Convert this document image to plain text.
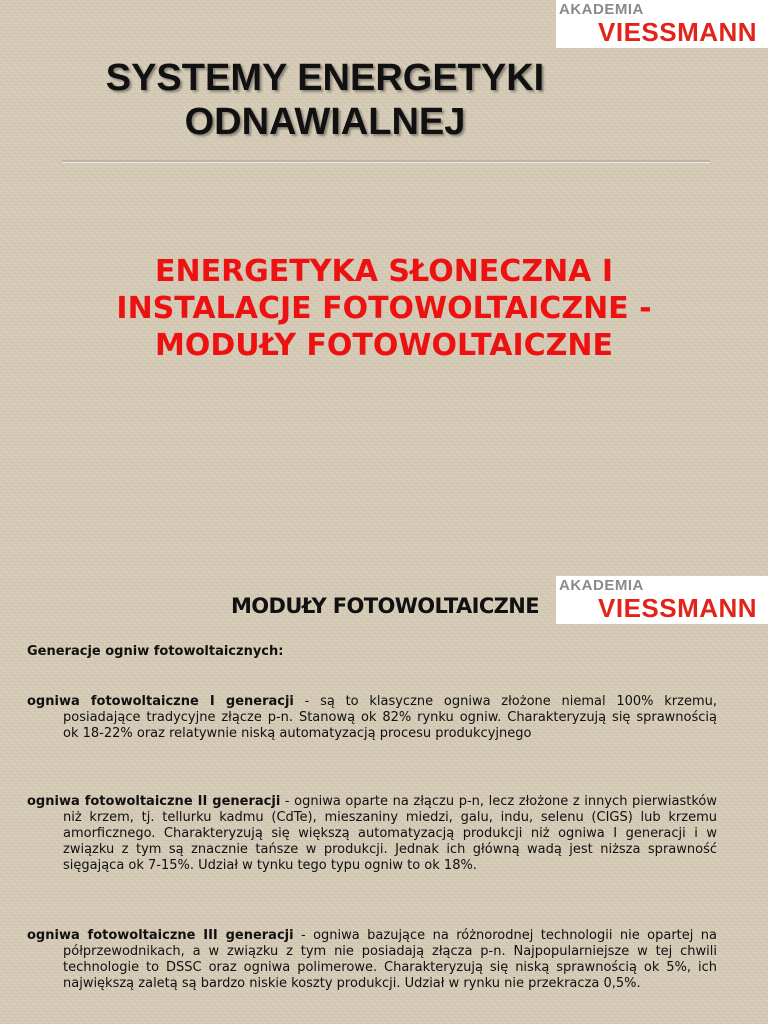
AKADEMIA
VIESSMANN
SYSTEMY ENERGETYKI
ODNAWIALNEJ
ENERGETYKA SŁONECZNA I
INSTALACJE FOTOWOLTAICZNE -
MODUŁY FOTOWOLTAICZNE
AKADEMIA
VIESSMANN
MODUŁY FOTOWOLTAICZNE

Generacje ogniw fotowoltaicznych:

ogniwa fotowoltaiczne I generacji - są to klasyczne ogniwa złożone niemal 100% krzemu, posiadające tradycyjne złącze p-n. Stanową ok 82% rynku ogniw. Charakteryzują się sprawnością ok 18-22% oraz relatywnie niską automatyzacją procesu produkcyjnego

ogniwa fotowoltaiczne II generacji - ogniwa oparte na złączu p-n, lecz złożone z innych pierwiastków niż krzem, tj. tellurku kadmu (CdTe), mieszaniny miedzi, galu, indu, selenu (CIGS) lub krzemu amorficznego. Charakteryzują się większą automatyzacją produkcji niż ogniwa I generacji i w związku z tym są znacznie tańsze w produkcji. Jednak ich główną wadą jest niższa sprawność sięgająca ok 7-15%. Udział w tynku tego typu ogniw to ok 18%.

ogniwa fotowoltaiczne III generacji - ogniwa bazujące na różnorodnej technologii nie opartej na półprzewodnikach, a w związku z tym nie posiadają złącza p-n. Najpopularniejsze w tej chwili technologie to DSSC oraz ogniwa polimerowe. Charakteryzują się niską sprawnością ok 5%, ich największą zaletą są bardzo niskie koszty produkcji. Udział w rynku nie przekracza 0,5%.
